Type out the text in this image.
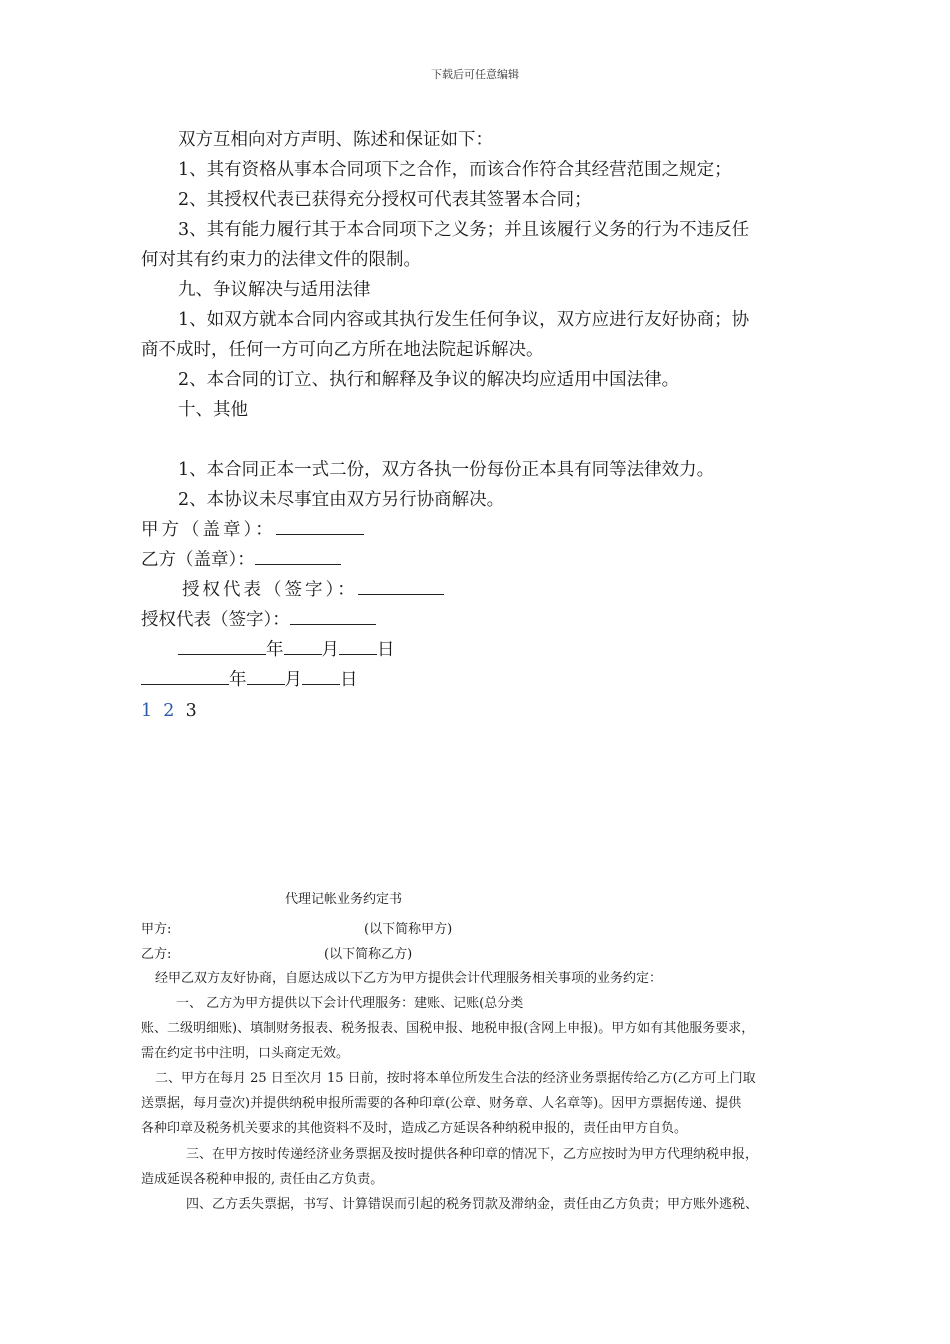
下载后可任意编辑
双方互相向对方声明、陈述和保证如下：
1、其有资格从事本合同项下之合作，而该合作符合其经营范围之规定；
2、其授权代表已获得充分授权可代表其签署本合同；
3、其有能力履行其于本合同项下之义务；并且该履行义务的行为不违反任
何对其有约束力的法律文件的限制。
九、争议解决与适用法律
1、如双方就本合同内容或其执行发生任何争议，双方应进行友好协商；协
商不成时，任何一方可向乙方所在地法院起诉解决。
2、本合同的订立、执行和解释及争议的解决均应适用中国法律。
十、其他
1、本合同正本一式二份，双方各执一份每份正本具有同等法律效力。
2、本协议未尽事宜由双方另行协商解决。
甲方（盖章）：
乙方（盖章）：
授权代表（签字）：
授权代表（签字）：
年 月 日
年 月 日
1 2 3
代理记帐业务约定书
甲方:	(以下简称甲方)
乙方:	(以下简称乙方)
经甲乙双方友好协商，自愿达成以下乙方为甲方提供会计代理服务相关事项的业务约定：
一、 乙方为甲方提供以下会计代理服务：建账、记账(总分类
账、二级明细账)、填制财务报表、税务报表、国税申报、地税申报(含网上申报)。甲方如有其他服务要求，
需在约定书中注明，口头商定无效。
二、甲方在每月 25 日至次月 15 日前，按时将本单位所发生合法的经济业务票据传给乙方(乙方可上门取
送票据，每月壹次)并提供纳税申报所需要的各种印章(公章、财务章、人名章等)。因甲方票据传递、提供
各种印章及税务机关要求的其他资料不及时，造成乙方延误各种纳税申报的，责任由甲方自负。
三、在甲方按时传递经济业务票据及按时提供各种印章的情况下，乙方应按时为甲方代理纳税申报，
造成延误各税种申报的, 责任由乙方负责。
四、乙方丢失票据，书写、计算错误而引起的税务罚款及滞纳金，责任由乙方负责；甲方账外逃税、
